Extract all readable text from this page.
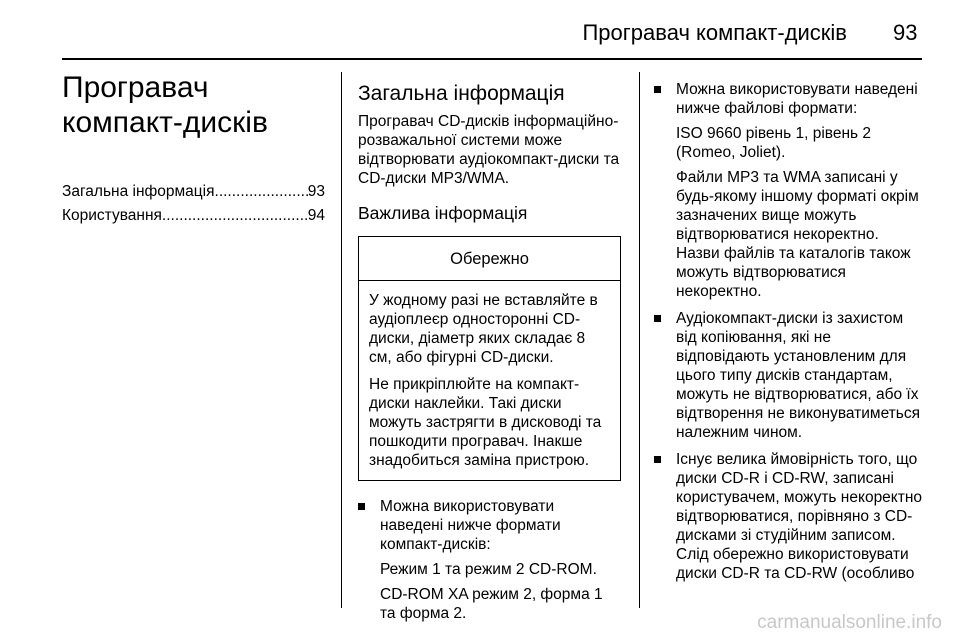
Програвач компакт-дисків 93
Програвач компакт-дисків
Загальна інформація .....	93
Користування .....	94
Загальна інформація

Програвач CD-дисків інформаційно-розважальної системи може відтворювати аудіокомпакт-диски та CD-диски MP3/WMA.

Важлива інформація
Обережно

У жодному разі не вставляйте в аудіоплеєр односторонні CD-диски, діаметр яких складає 8 см, або фігурні CD-диски.

Не прикріплюйте на компакт-диски наклейки. Такі диски можуть застрягти в дисководі та пошкодити програвач. Інакше знадобиться заміна пристрою.

Можна використовувати наведені нижче формати компакт-дисків:

Режим 1 та режим 2 CD-ROM.

CD-ROM XA режим 2, форма 1 та форма 2.

Можна використовувати наведені нижче файлові формати:

ISO 9660 рівень 1, рівень 2 (Romeo, Joliet).

Файли MP3 та WMA записані у будь-якому іншому форматі окрім зазначених вище можуть відтворюватися некоректно. Назви файлів та каталогів також можуть відтворюватися некоректно.

Аудіокомпакт-диски із захистом від копіювання, які не відповідають установленим для цього типу дисків стандартам, можуть не відтворюватися, або їх відтворення не виконуватиметься належним чином.

Існує велика ймовірність того, що диски CD-R і CD-RW, записані користувачем, можуть некоректно відтворюватися, порівняно з CD-дисками зі студійним записом. Слід обережно використовувати диски CD-R та CD-RW (особливо

carmanualsonline.info
